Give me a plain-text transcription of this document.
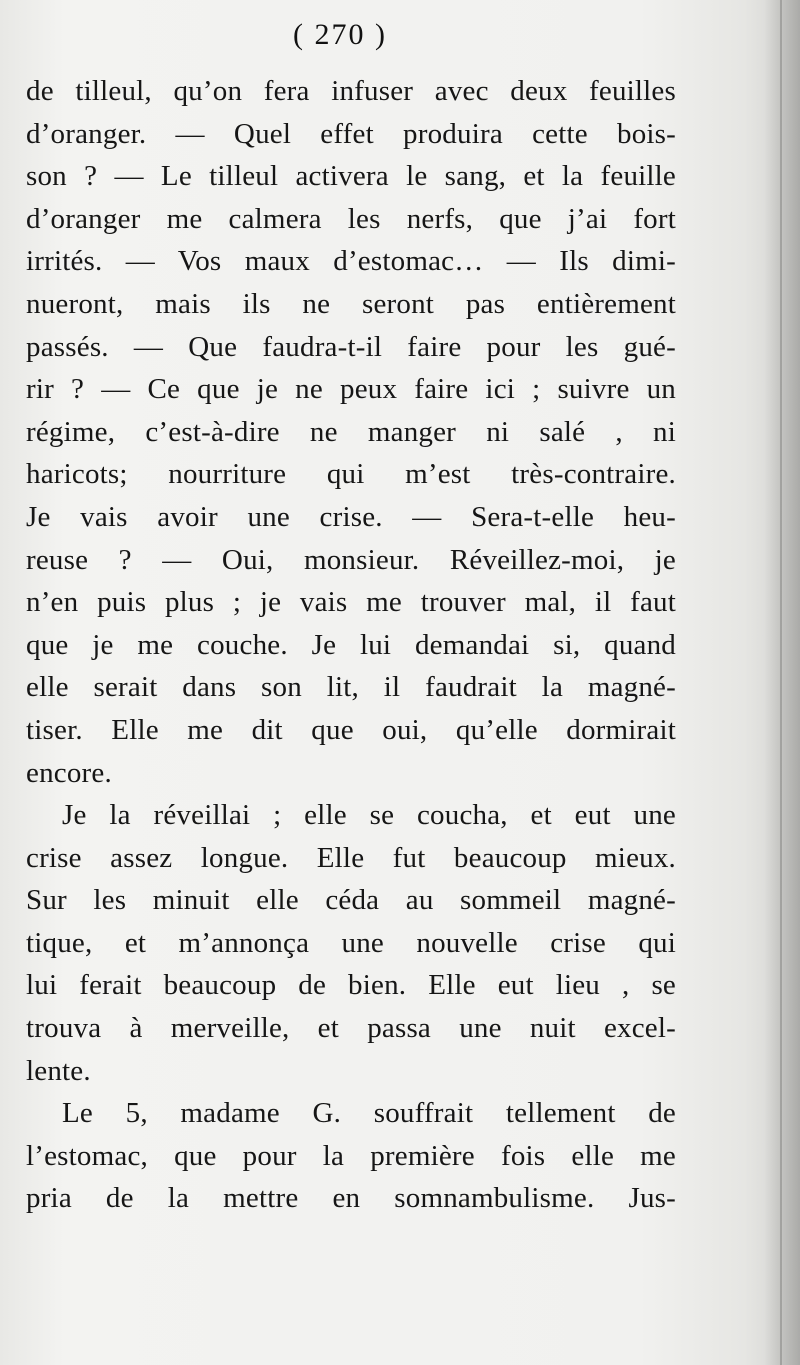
( 270 )
de tilleul, qu’on fera infuser avec deux feuilles
d’oranger. — Quel effet produira cette bois-
son ? — Le tilleul activera le sang, et la feuille
d’oranger me calmera les nerfs, que j’ai fort
irrités. — Vos maux d’estomac… — Ils dimi-
nueront, mais ils ne seront pas entièrement
passés. — Que faudra-t-il faire pour les gué-
rir ? — Ce que je ne peux faire ici ; suivre un
régime, c’est-à-dire ne manger ni salé , ni
haricots; nourriture qui m’est très-contraire.
Je vais avoir une crise. — Sera-t-elle heu-
reuse ? — Oui, monsieur. Réveillez-moi, je
n’en puis plus ; je vais me trouver mal, il faut
que je me couche. Je lui demandai si, quand
elle serait dans son lit, il faudrait la magné-
tiser. Elle me dit que oui, qu’elle dormirait
encore.
Je la réveillai ; elle se coucha, et eut une
crise assez longue. Elle fut beaucoup mieux.
Sur les minuit elle céda au sommeil magné-
tique, et m’annonça une nouvelle crise qui
lui ferait beaucoup de bien. Elle eut lieu , se
trouva à merveille, et passa une nuit excel-
lente.
Le 5, madame G. souffrait tellement de
l’estomac, que pour la première fois elle me
pria de la mettre en somnambulisme. Jus-
